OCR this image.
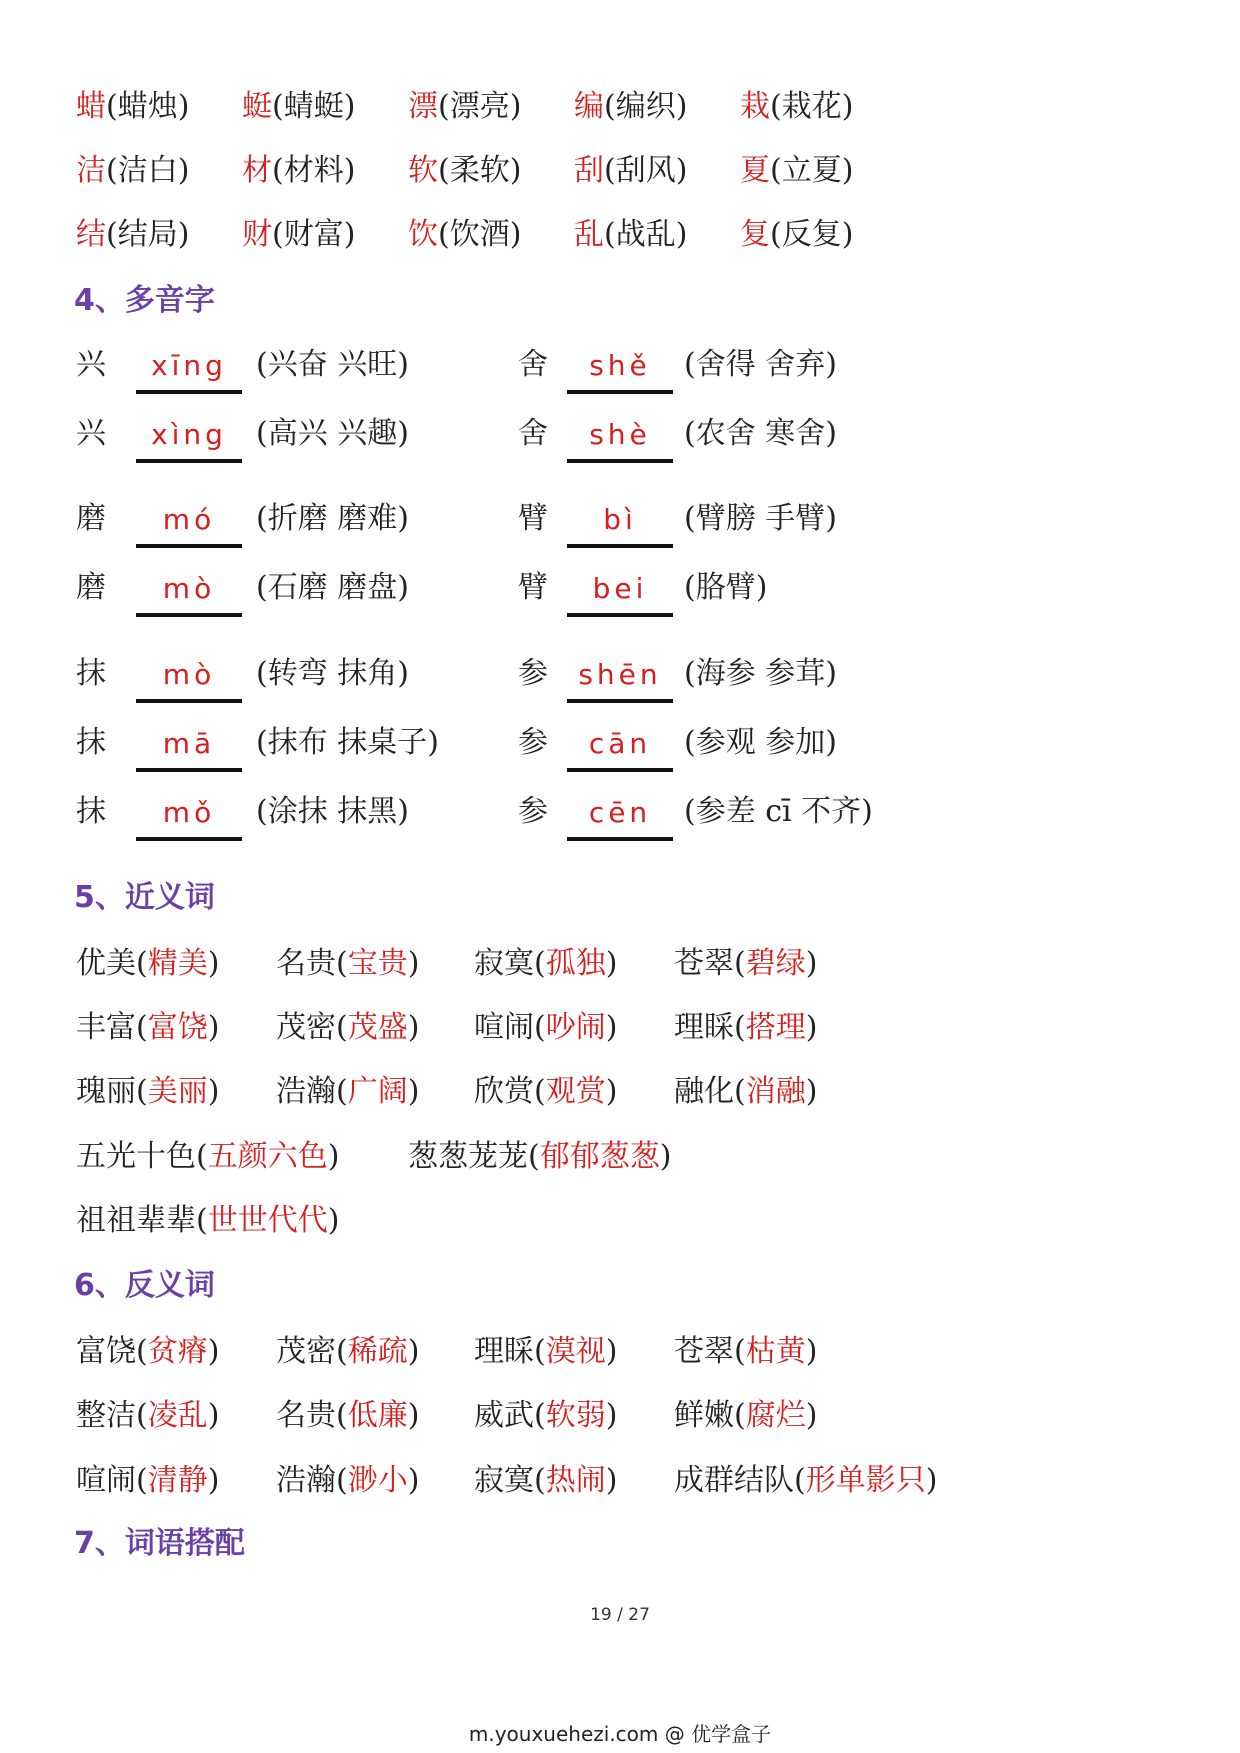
蜡(蜡烛) 蜓(蜻蜓) 漂(漂亮) 编(编织) 栽(栽花)
洁(洁白) 材(材料) 软(柔软) 刮(刮风) 夏(立夏)
结(结局) 财(财富) 饮(饮酒) 乱(战乱) 复(反复)
4、多音字
兴	xīng (兴奋 兴旺)	舍	shě	(舍得 舍弃)
兴	xìng (高兴 兴趣)	舍	shè	(农舍 寒舍)
磨	mó	(折磨 磨难)	臂	bì	(臂膀 手臂)
磨	mò	(石磨 磨盘)	臂	bei	(胳臂)
抹	mò	(转弯 抹角)	参	shēn (海参 参茸)
抹	mā	(抹布 抹桌子)	参	cān	(参观 参加)
抹	mǒ	(涂抹 抹黑)	参	cēn	(参差 cī 不齐)
5、近义词
优美(精美) 名贵(宝贵) 寂寞(孤独) 苍翠(碧绿)
丰富(富饶) 茂密(茂盛) 喧闹(吵闹) 理睬(搭理)
瑰丽(美丽) 浩瀚(广阔) 欣赏(观赏) 融化(消融)
五光十色(五颜六色) 葱葱茏茏(郁郁葱葱)
祖祖辈辈(世世代代)
6、反义词
富饶(贫瘠) 茂密(稀疏) 理睬(漠视) 苍翠(枯黄)
整洁(凌乱) 名贵(低廉) 威武(软弱) 鲜嫩(腐烂)
喧闹(清静) 浩瀚(渺小) 寂寞(热闹) 成群结队(形单影只)
7、词语搭配
19 / 27
m.youxuehezi.com @ 优学盒子
